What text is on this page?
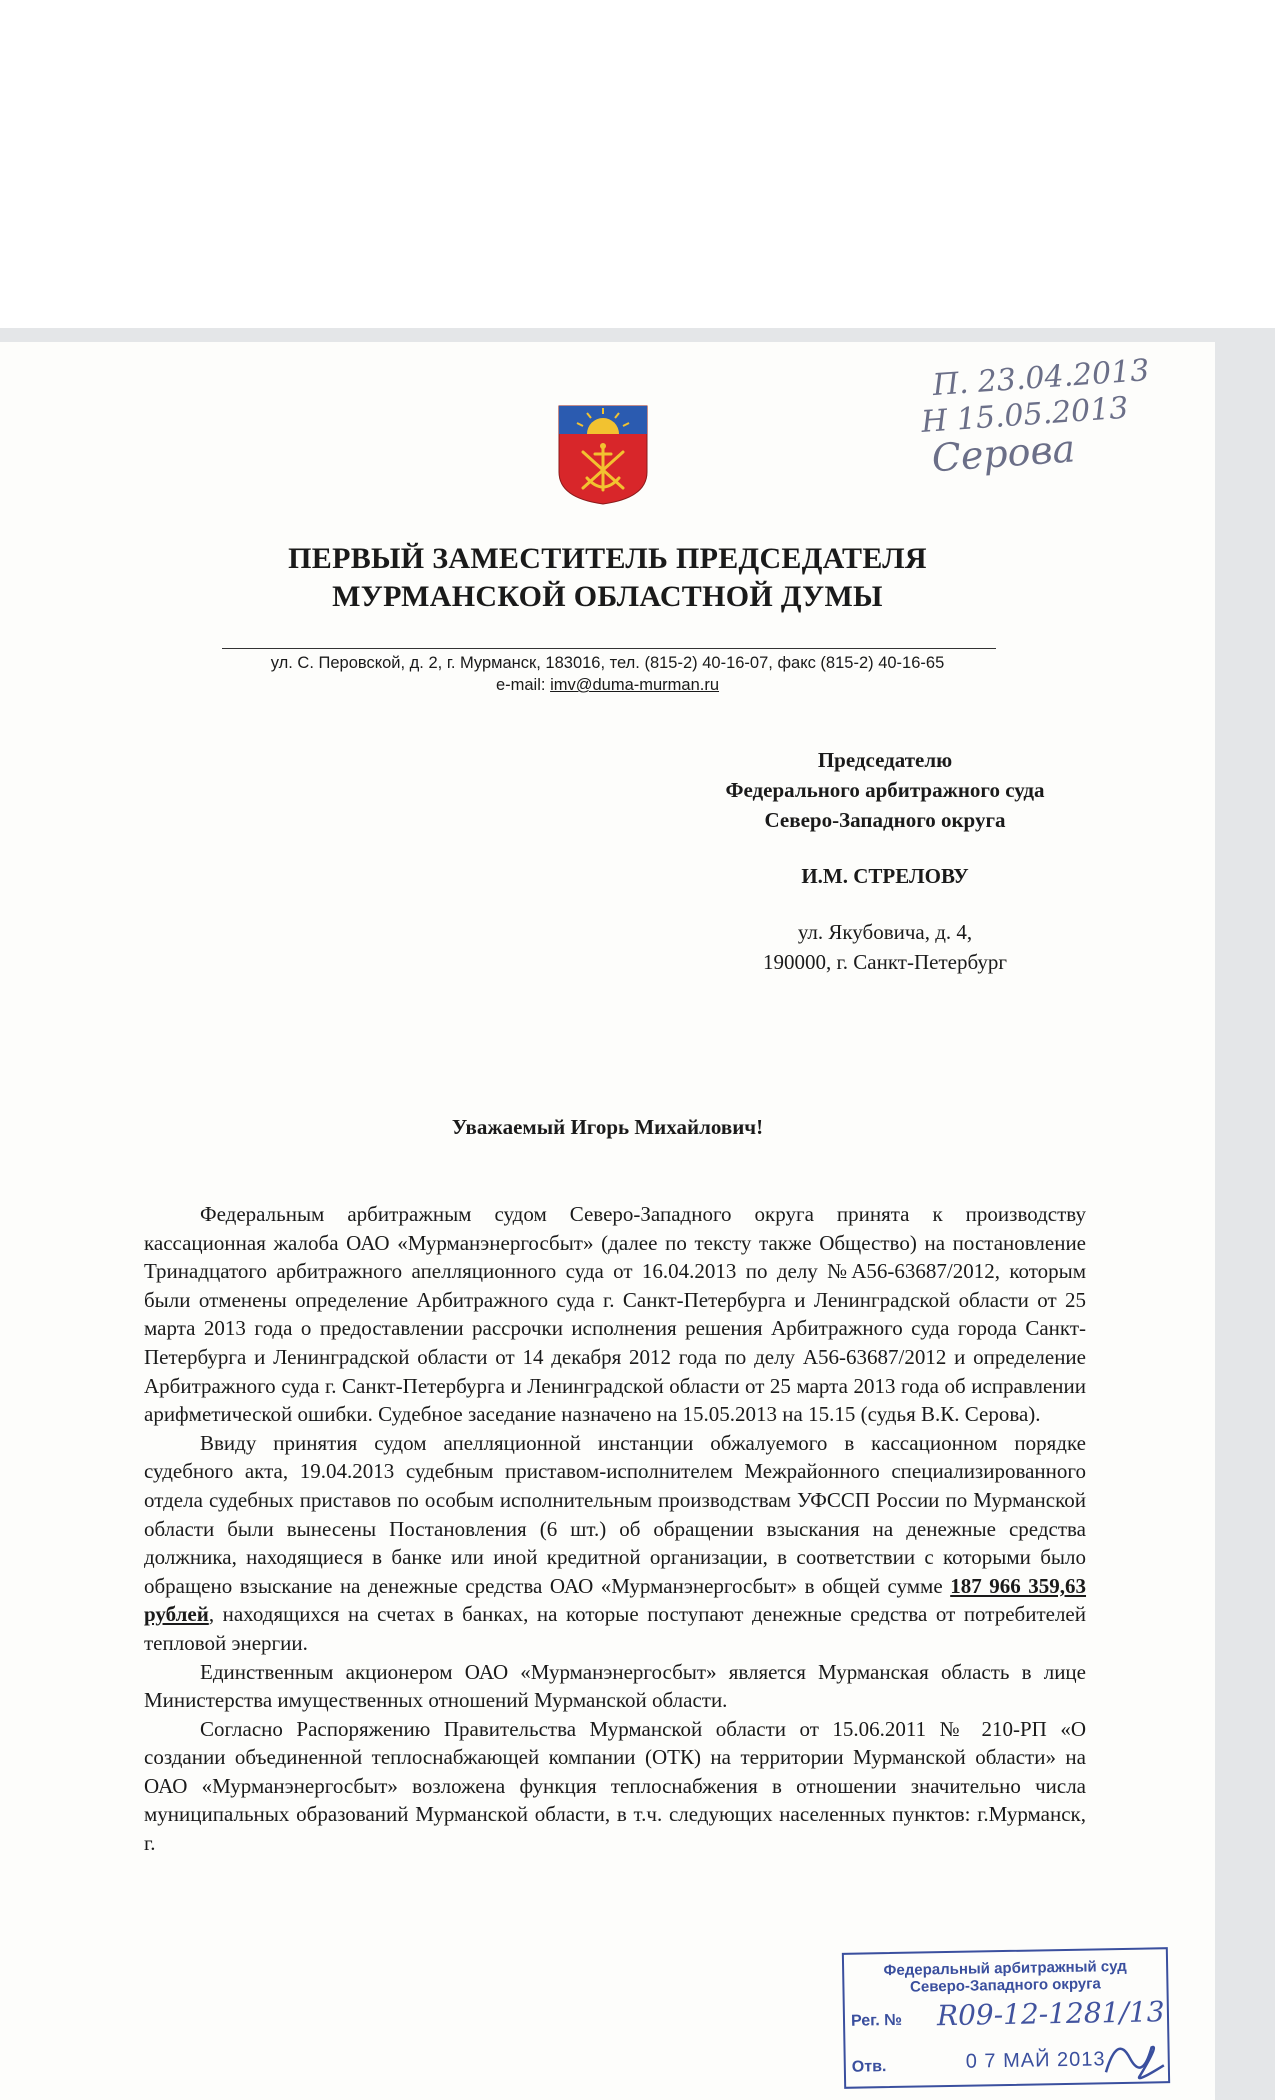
П. 23.04.2013
Н 15.05.2013
Серова
ПЕРВЫЙ ЗАМЕСТИТЕЛЬ ПРЕДСЕДАТЕЛЯ
МУРМАНСКОЙ ОБЛАСТНОЙ ДУМЫ
ул. С. Перовской, д. 2, г. Мурманск, 183016, тел. (815-2) 40-16-07, факс (815-2) 40-16-65
e-mail: imv@duma-murman.ru
Председателю
Федерального арбитражного суда
Северо-Западного округа
И.М. СТРЕЛОВУ
ул. Якубовича, д. 4,
190000, г. Санкт-Петербург
Уважаемый Игорь Михайлович!

Федеральным арбитражным судом Северо-Западного округа принята к производству кассационная жалоба ОАО «Мурманэнергосбыт» (далее по тексту также Общество) на постановление Тринадцатого арбитражного апелляционного суда от 16.04.2013 по делу №А56-63687/2012, которым были отменены определение Арбитражного суда г. Санкт-Петербурга и Ленинградской области от 25 марта 2013 года о предоставлении рассрочки исполнения решения Арбитражного суда города Санкт-Петербурга и Ленинградской области от 14 декабря 2012 года по делу А56-63687/2012 и определение Арбитражного суда г. Санкт-Петербурга и Ленинградской области от 25 марта 2013 года об исправлении арифметической ошибки. Судебное заседание назначено на 15.05.2013 на 15.15 (судья В.К. Серова).

Ввиду принятия судом апелляционной инстанции обжалуемого в кассационном порядке судебного акта, 19.04.2013 судебным приставом-исполнителем Межрайонного специализированного отдела судебных приставов по особым исполнительным производствам УФССП России по Мурманской области были вынесены Постановления (6 шт.) об обращении взыскания на денежные средства должника, находящиеся в банке или иной кредитной организации, в соответствии с которыми было обращено взыскание на денежные средства ОАО «Мурманэнергосбыт» в общей сумме 187 966 359,63 рублей, находящихся на счетах в банках, на которые поступают денежные средства от потребителей тепловой энергии.

Единственным акционером ОАО «Мурманэнергосбыт» является Мурманская область в лице Министерства имущественных отношений Мурманской области.

Согласно Распоряжению Правительства Мурманской области от 15.06.2011 № 210-РП «О создании объединенной теплоснабжающей компании (ОТК) на территории Мурманской области» на ОАО «Мурманэнергосбыт» возложена функция теплоснабжения в отношении значительно числа муниципальных образований Мурманской области, в т.ч. следующих населенных пунктов: г.Мурманск, г.

Федеральный арбитражный суд
Северо-Западного округа
Рег. № R09-12-1281/13
Отв.	0 7 МАЙ 2013
